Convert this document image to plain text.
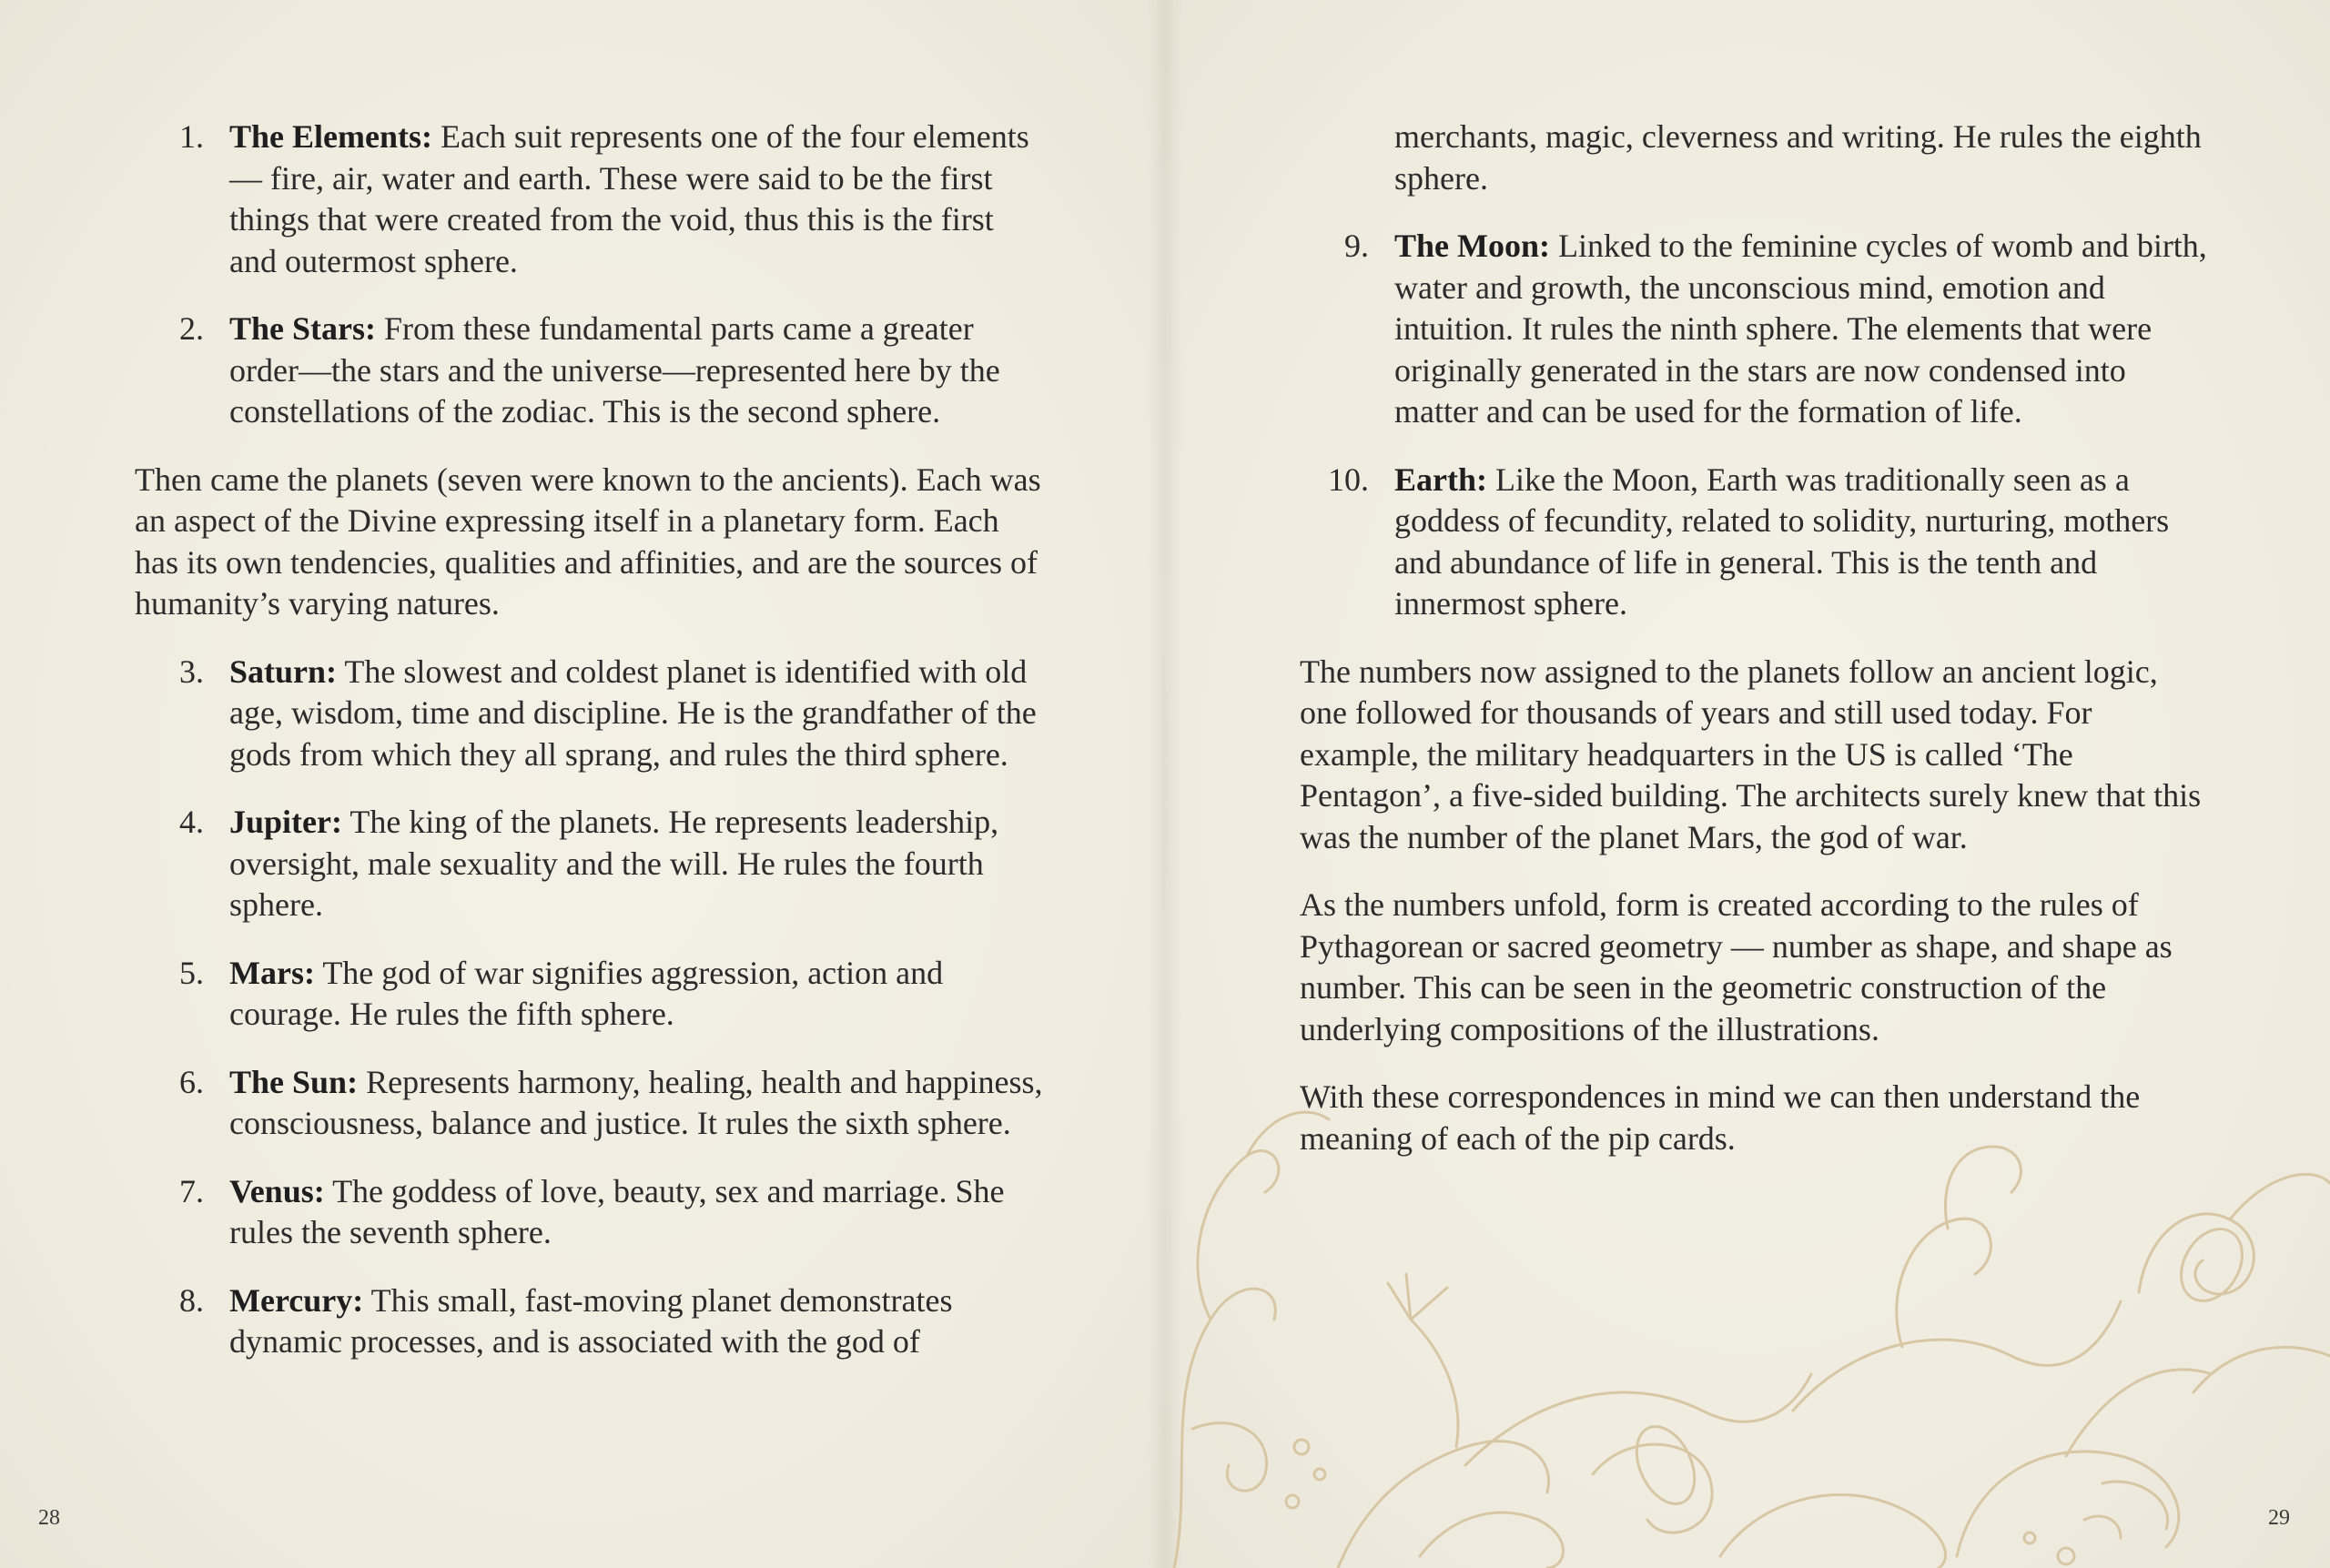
1. The Elements: Each suit represents one of the four elements — fire, air, water and earth. These were said to be the first things that were created from the void, thus this is the first and outermost sphere.
2. The Stars: From these fundamental parts came a greater order—the stars and the universe—represented here by the constellations of the zodiac. This is the second sphere.

Then came the planets (seven were known to the ancients). Each was an aspect of the Divine expressing itself in a planetary form. Each has its own tendencies, qualities and affinities, and are the sources of humanity’s varying natures.

3. Saturn: The slowest and coldest planet is identified with old age, wisdom, time and discipline. He is the grandfather of the gods from which they all sprang, and rules the third sphere.
4. Jupiter: The king of the planets. He represents leadership, oversight, male sexuality and the will. He rules the fourth sphere.
5. Mars: The god of war signifies aggression, action and courage. He rules the fifth sphere.
6. The Sun: Represents harmony, healing, health and happiness, consciousness, balance and justice. It rules the sixth sphere.
7. Venus: The goddess of love, beauty, sex and marriage. She rules the seventh sphere.
8. Mercury: This small, fast-moving planet demonstrates dynamic processes, and is associated with the god of

merchants, magic, cleverness and writing. He rules the eighth sphere.

9. The Moon: Linked to the feminine cycles of womb and birth, water and growth, the unconscious mind, emotion and intuition. It rules the ninth sphere. The elements that were originally generated in the stars are now condensed into matter and can be used for the formation of life.
10. Earth: Like the Moon, Earth was traditionally seen as a goddess of fecundity, related to solidity, nurturing, mothers and abundance of life in general. This is the tenth and innermost sphere.

The numbers now assigned to the planets follow an ancient logic, one followed for thousands of years and still used today. For example, the military headquarters in the US is called ‘The Pentagon’, a five-sided building. The architects surely knew that this was the number of the planet Mars, the god of war.

As the numbers unfold, form is created according to the rules of Pythagorean or sacred geometry — number as shape, and shape as number. This can be seen in the geometric construction of the underlying compositions of the illustrations.

With these correspondences in mind we can then understand the meaning of each of the pip cards.

28	29
